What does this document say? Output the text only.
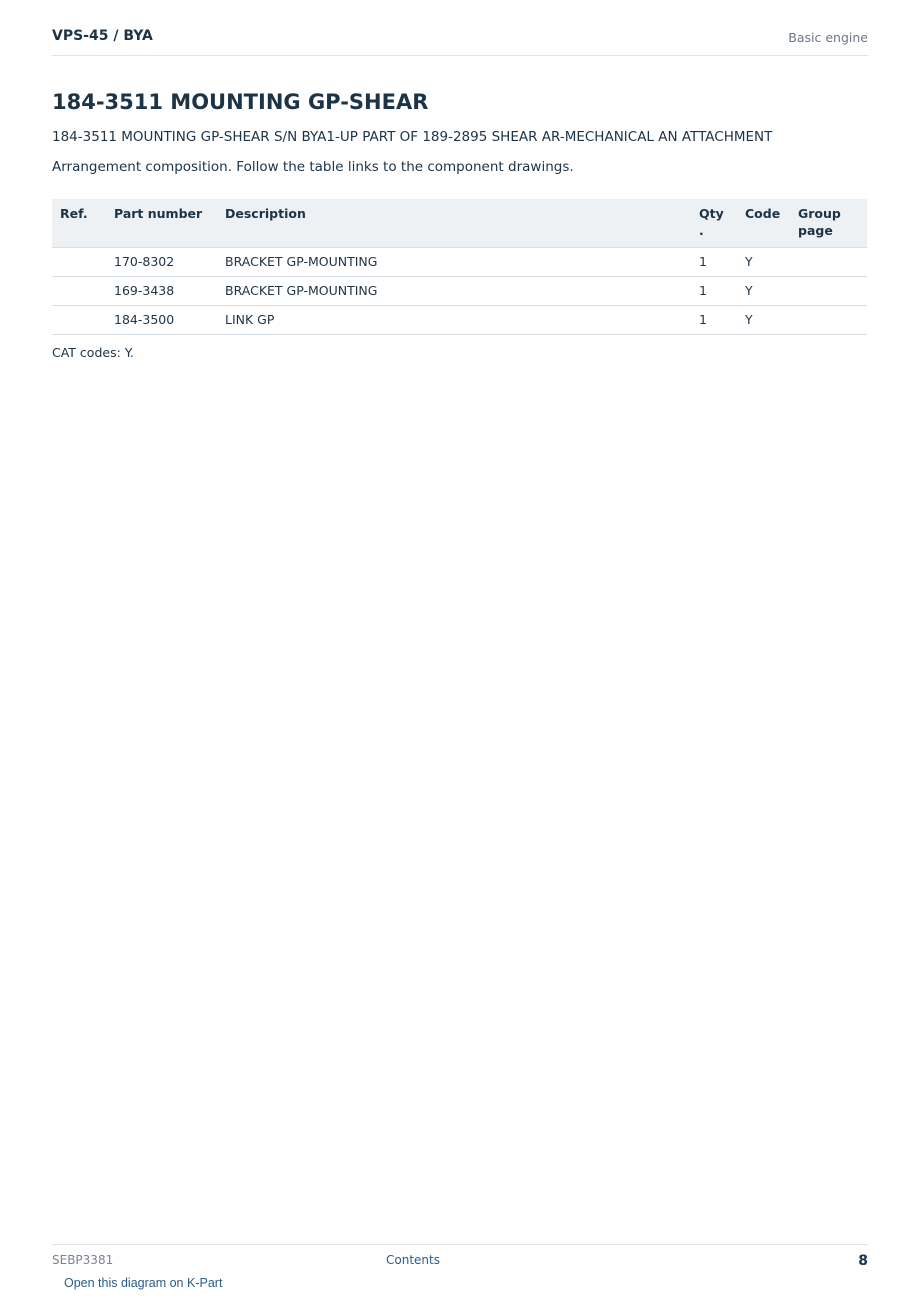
VPS-45 / BYA	Basic engine
184-3511 MOUNTING GP-SHEAR
184-3511 MOUNTING GP-SHEAR S/N BYA1-UP PART OF 189-2895 SHEAR AR-MECHANICAL AN ATTACHMENT
Arrangement composition. Follow the table links to the component drawings.
Ref.	Part number	Description	Qty .	Code	Group page
	170-8302	BRACKET GP-MOUNTING	1	Y	
	169-3438	BRACKET GP-MOUNTING	1	Y	
	184-3500	LINK GP	1	Y	
CAT codes: Y.
SEBP3381	Contents	8
Open this diagram on K-Part
